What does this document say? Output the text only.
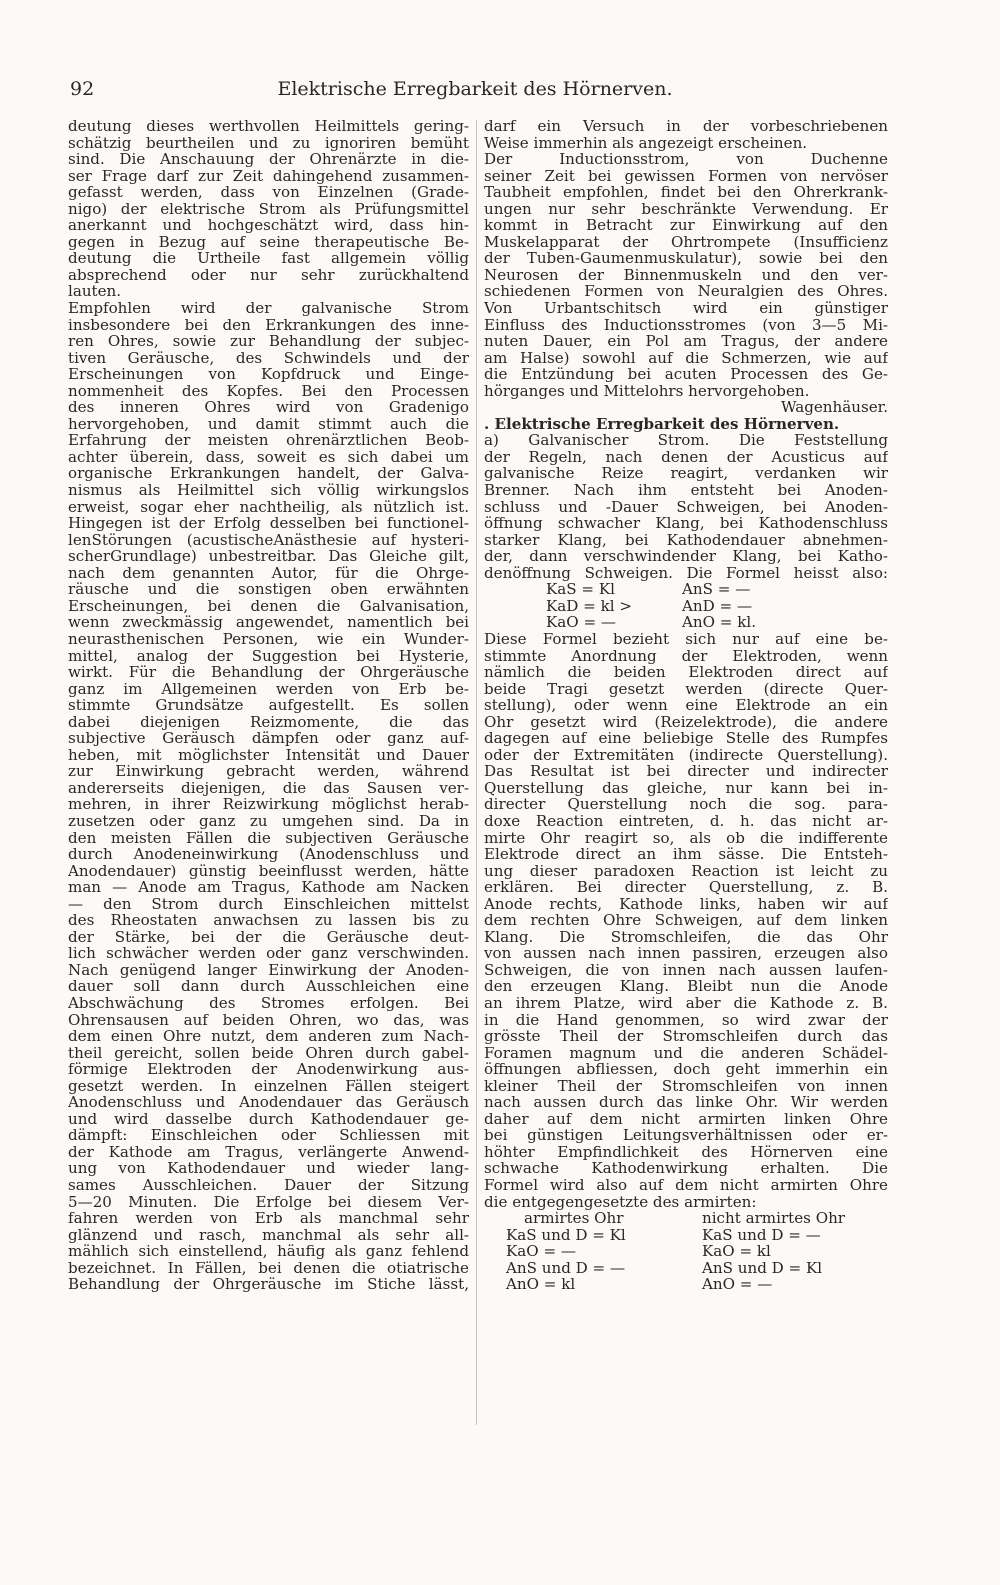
92	Elektrische Erregbarkeit des Hörnerven.
deutung dieses werthvollen Heilmittels gering-
schätzig beurtheilen und zu ignoriren bemüht
sind. Die Anschauung der Ohrenärzte in die-
ser Frage darf zur Zeit dahingehend zusammen-
gefasst werden, dass von Einzelnen (Grade-
nigo) der elektrische Strom als Prüfungsmittel
anerkannt und hochgeschätzt wird, dass hin-
gegen in Bezug auf seine therapeutische Be-
deutung die Urtheile fast allgemein völlig
absprechend oder nur sehr zurückhaltend
lauten.
Empfohlen wird der galvanische Strom
insbesondere bei den Erkrankungen des inne-
ren Ohres, sowie zur Behandlung der subjec-
tiven Geräusche, des Schwindels und der
Erscheinungen von Kopfdruck und Einge-
nommenheit des Kopfes. Bei den Processen
des inneren Ohres wird von Gradenigo
hervorgehoben, und damit stimmt auch die
Erfahrung der meisten ohrenärztlichen Beob-
achter überein, dass, soweit es sich dabei um
organische Erkrankungen handelt, der Galva-
nismus als Heilmittel sich völlig wirkungslos
erweist, sogar eher nachtheilig, als nützlich ist.
Hingegen ist der Erfolg desselben bei functionel-
lenStörungen (acustischeAnästhesie auf hysteri-
scherGrundlage) unbestreitbar. Das Gleiche gilt,
nach dem genannten Autor, für die Ohrge-
räusche und die sonstigen oben erwähnten
Erscheinungen, bei denen die Galvanisation,
wenn zweckmässig angewendet, namentlich bei
neurasthenischen Personen, wie ein Wunder-
mittel, analog der Suggestion bei Hysterie,
wirkt. Für die Behandlung der Ohrgeräusche
ganz im Allgemeinen werden von Erb be-
stimmte Grundsätze aufgestellt. Es sollen
dabei diejenigen Reizmomente, die das
subjective Geräusch dämpfen oder ganz auf-
heben, mit möglichster Intensität und Dauer
zur Einwirkung gebracht werden, während
andererseits diejenigen, die das Sausen ver-
mehren, in ihrer Reizwirkung möglichst herab-
zusetzen oder ganz zu umgehen sind. Da in
den meisten Fällen die subjectiven Geräusche
durch Anodeneinwirkung (Anodenschluss und
Anodendauer) günstig beeinflusst werden, hätte
man — Anode am Tragus, Kathode am Nacken
— den Strom durch Einschleichen mittelst
des Rheostaten anwachsen zu lassen bis zu
der Stärke, bei der die Geräusche deut-
lich schwächer werden oder ganz verschwinden.
Nach genügend langer Einwirkung der Anoden-
dauer soll dann durch Ausschleichen eine
Abschwächung des Stromes erfolgen. Bei
Ohrensausen auf beiden Ohren, wo das, was
dem einen Ohre nutzt, dem anderen zum Nach-
theil gereicht, sollen beide Ohren durch gabel-
förmige Elektroden der Anodenwirkung aus-
gesetzt werden. In einzelnen Fällen steigert
Anodenschluss und Anodendauer das Geräusch
und wird dasselbe durch Kathodendauer ge-
dämpft: Einschleichen oder Schliessen mit
der Kathode am Tragus, verlängerte Anwend-
ung von Kathodendauer und wieder lang-
sames Ausschleichen. Dauer der Sitzung
5—20 Minuten. Die Erfolge bei diesem Ver-
fahren werden von Erb als manchmal sehr
glänzend und rasch, manchmal als sehr all-
mählich sich einstellend, häufig als ganz fehlend
bezeichnet. In Fällen, bei denen die otiatrische
Behandlung der Ohrgeräusche im Stiche lässt,
darf ein Versuch in der vorbeschriebenen
Weise immerhin als angezeigt erscheinen.
Der Inductionsstrom, von Duchenne
seiner Zeit bei gewissen Formen von nervöser
Taubheit empfohlen, findet bei den Ohrerkrank-
ungen nur sehr beschränkte Verwendung. Er
kommt in Betracht zur Einwirkung auf den
Muskelapparat der Ohrtrompete (Insufficienz
der Tuben-Gaumenmuskulatur), sowie bei den
Neurosen der Binnenmuskeln und den ver-
schiedenen Formen von Neuralgien des Ohres.
Von Urbantschitsch wird ein günstiger
Einfluss des Inductionsstromes (von 3—5 Mi-
nuten Dauer, ein Pol am Tragus, der andere
am Halse) sowohl auf die Schmerzen, wie auf
die Entzündung bei acuten Processen des Ge-
hörganges und Mittelohrs hervorgehoben.
Wagenhäuser.
. Elektrische Erregbarkeit des Hörnerven.
a) Galvanischer Strom. Die Feststellung
der Regeln, nach denen der Acusticus auf
galvanische Reize reagirt, verdanken wir
Brenner. Nach ihm entsteht bei Anoden-
schluss und -Dauer Schweigen, bei Anoden-
öffnung schwacher Klang, bei Kathodenschluss
starker Klang, bei Kathodendauer abnehmen-
der, dann verschwindender Klang, bei Katho-
denöffnung Schweigen. Die Formel heisst also:
KaS = Kl	AnS = —
KaD = kl >	AnD = —
KaO = —	AnO = kl.
Diese Formel bezieht sich nur auf eine be-
stimmte Anordnung der Elektroden, wenn
nämlich die beiden Elektroden direct auf
beide Tragi gesetzt werden (directe Quer-
stellung), oder wenn eine Elektrode an ein
Ohr gesetzt wird (Reizelektrode), die andere
dagegen auf eine beliebige Stelle des Rumpfes
oder der Extremitäten (indirecte Querstellung).
Das Resultat ist bei directer und indirecter
Querstellung das gleiche, nur kann bei in-
directer Querstellung noch die sog. para-
doxe Reaction eintreten, d. h. das nicht ar-
mirte Ohr reagirt so, als ob die indifferente
Elektrode direct an ihm sässe. Die Entsteh-
ung dieser paradoxen Reaction ist leicht zu
erklären. Bei directer Querstellung, z. B.
Anode rechts, Kathode links, haben wir auf
dem rechten Ohre Schweigen, auf dem linken
Klang. Die Stromschleifen, die das Ohr
von aussen nach innen passiren, erzeugen also
Schweigen, die von innen nach aussen laufen-
den erzeugen Klang. Bleibt nun die Anode
an ihrem Platze, wird aber die Kathode z. B.
in die Hand genommen, so wird zwar der
grösste Theil der Stromschleifen durch das
Foramen magnum und die anderen Schädel-
öffnungen abfliessen, doch geht immerhin ein
kleiner Theil der Stromschleifen von innen
nach aussen durch das linke Ohr. Wir werden
daher auf dem nicht armirten linken Ohre
bei günstigen Leitungsverhältnissen oder er-
höhter Empfindlichkeit des Hörnerven eine
schwache Kathodenwirkung erhalten. Die
Formel wird also auf dem nicht armirten Ohre
die entgegengesetzte des armirten:
armirtes Ohr	nicht armirtes Ohr
KaS und D = Kl	KaS und D = —
KaO = —	KaO = kl
AnS und D = —	AnS und D = Kl
AnO = kl	AnO = —
